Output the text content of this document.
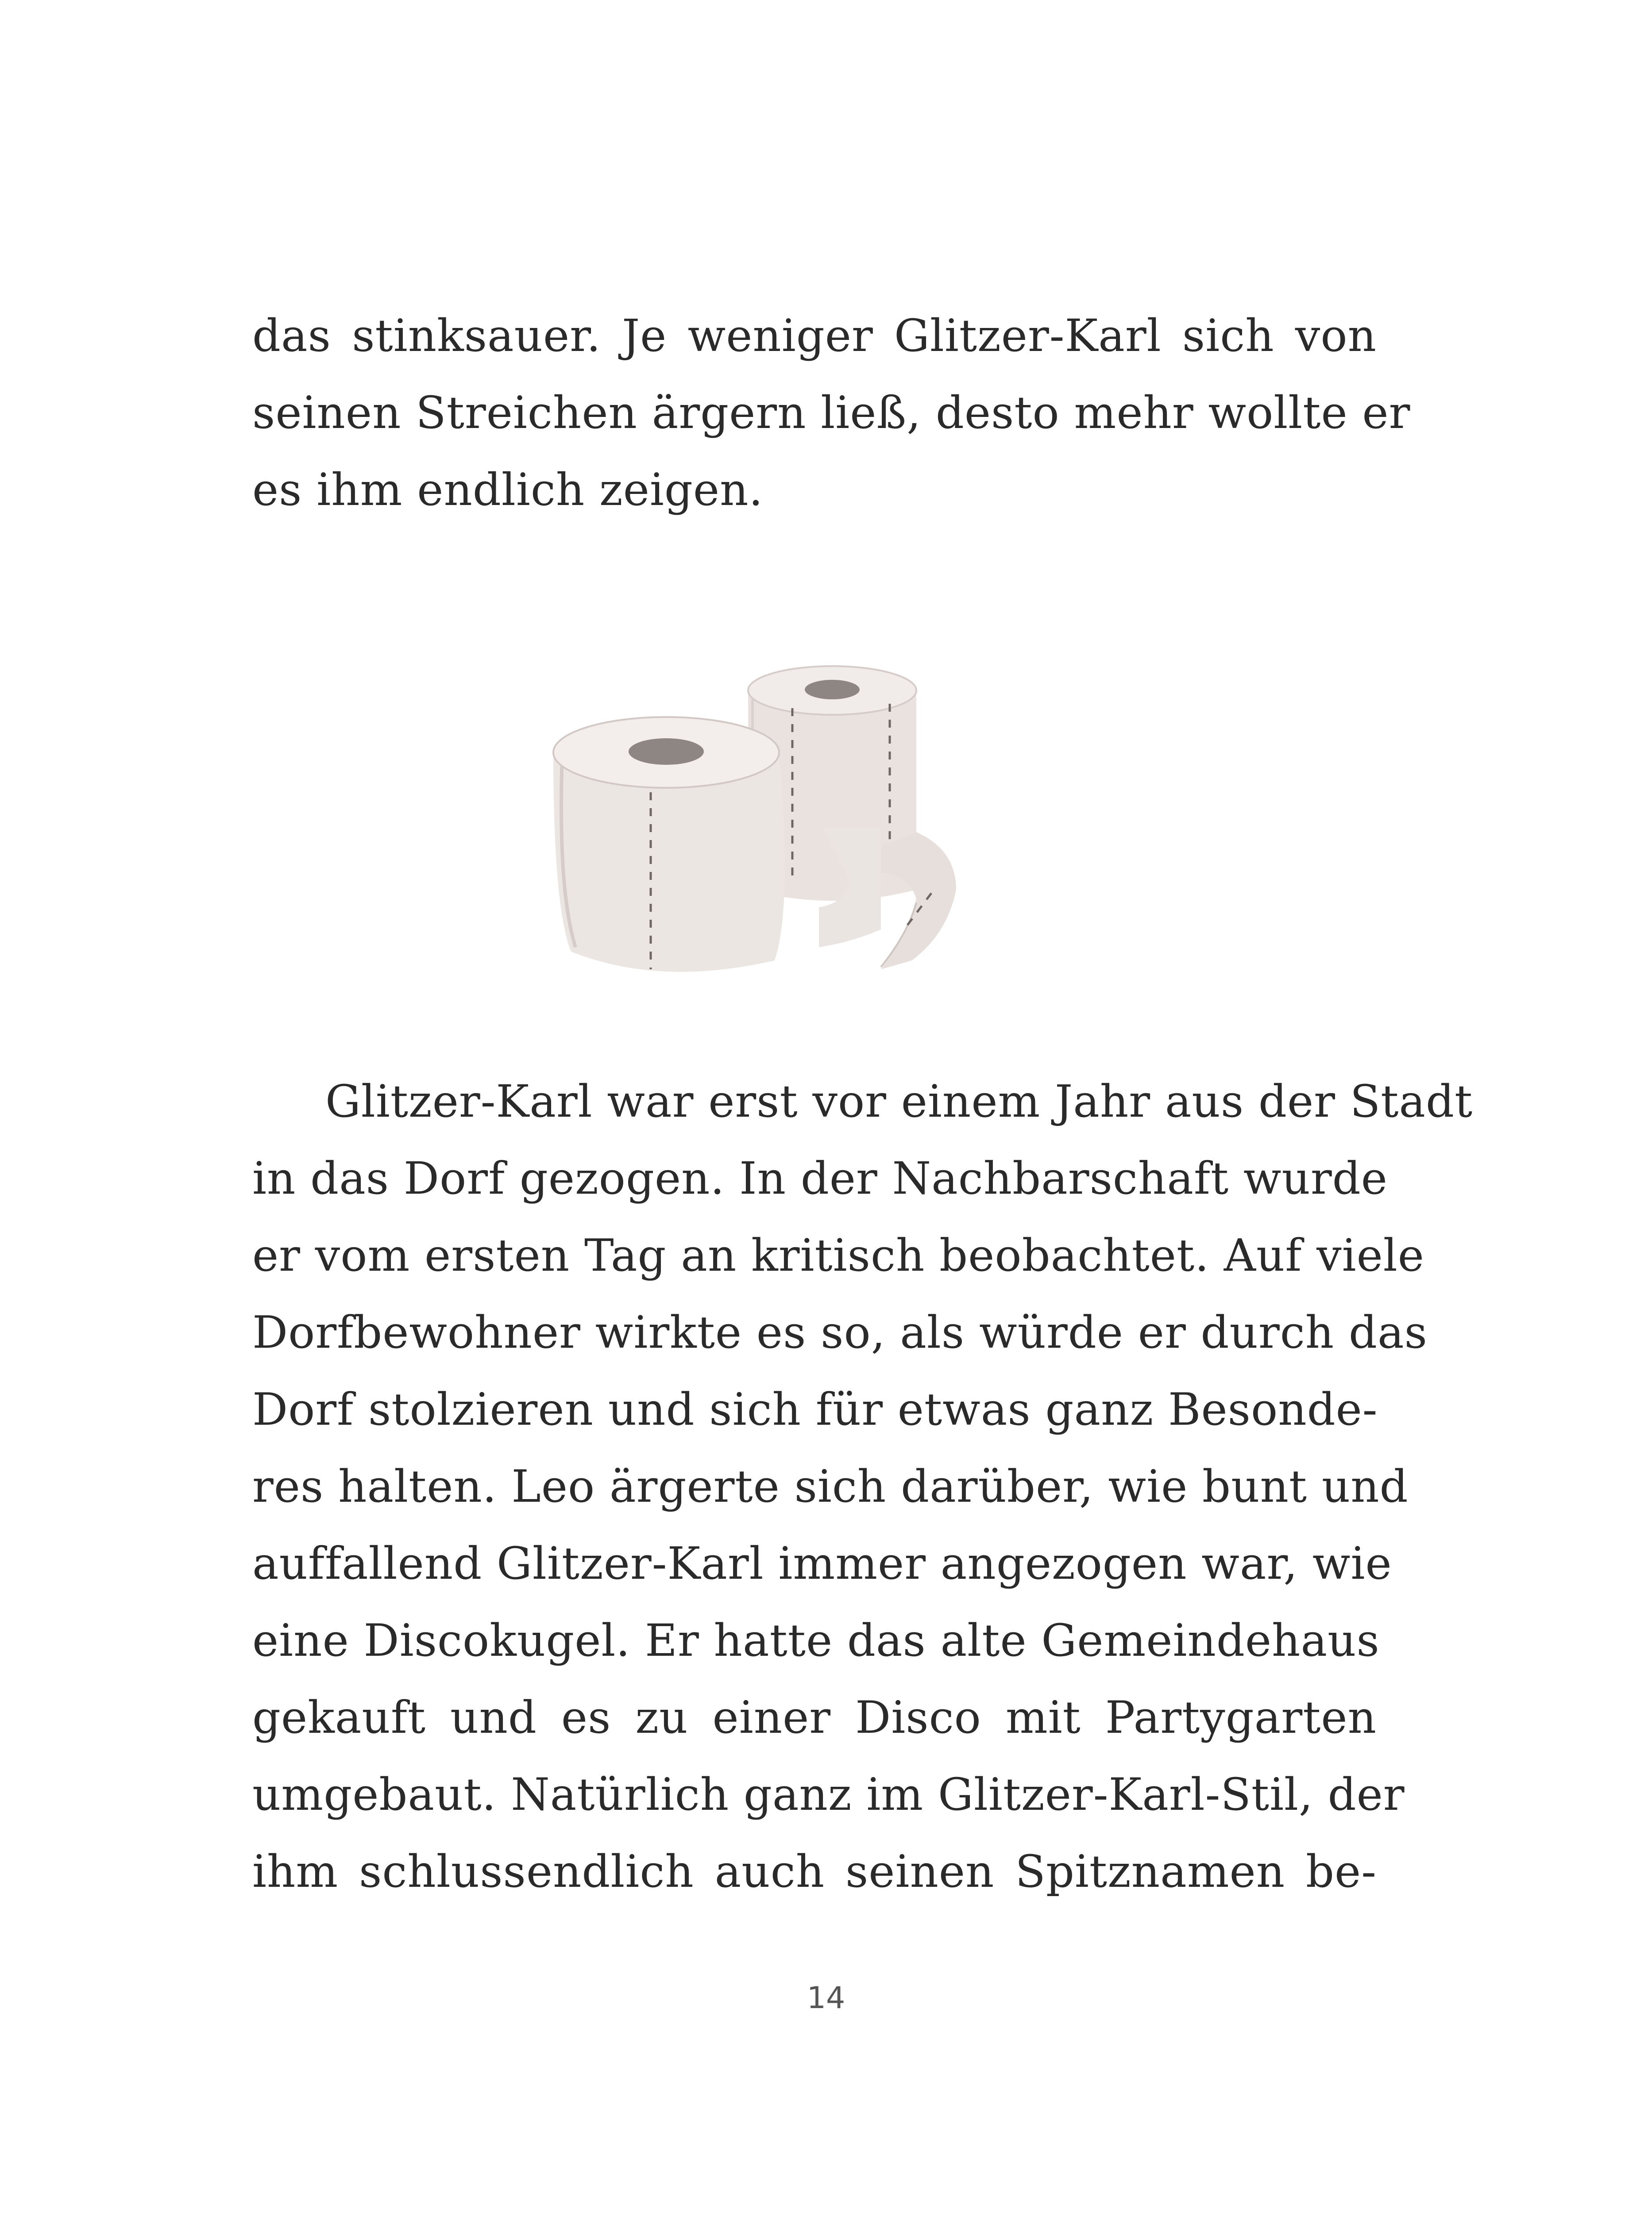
das stinksauer. Je weniger Glitzer-Karl sich von
seinen Streichen ärgern ließ, desto mehr wollte er
es ihm endlich zeigen.
Glitzer-Karl war erst vor einem Jahr aus der Stadt
in das Dorf gezogen. In der Nachbarschaft wurde
er vom ersten Tag an kritisch beobachtet. Auf viele
Dorfbewohner wirkte es so, als würde er durch das
Dorf stolzieren und sich für etwas ganz Besonde-
res halten. Leo ärgerte sich darüber, wie bunt und
auffallend Glitzer-Karl immer angezogen war, wie
eine Discokugel. Er hatte das alte Gemeindehaus
gekauft und es zu einer Disco mit Partygarten
umgebaut. Natürlich ganz im Glitzer-Karl-Stil, der
ihm schlussendlich auch seinen Spitznamen be-
14
